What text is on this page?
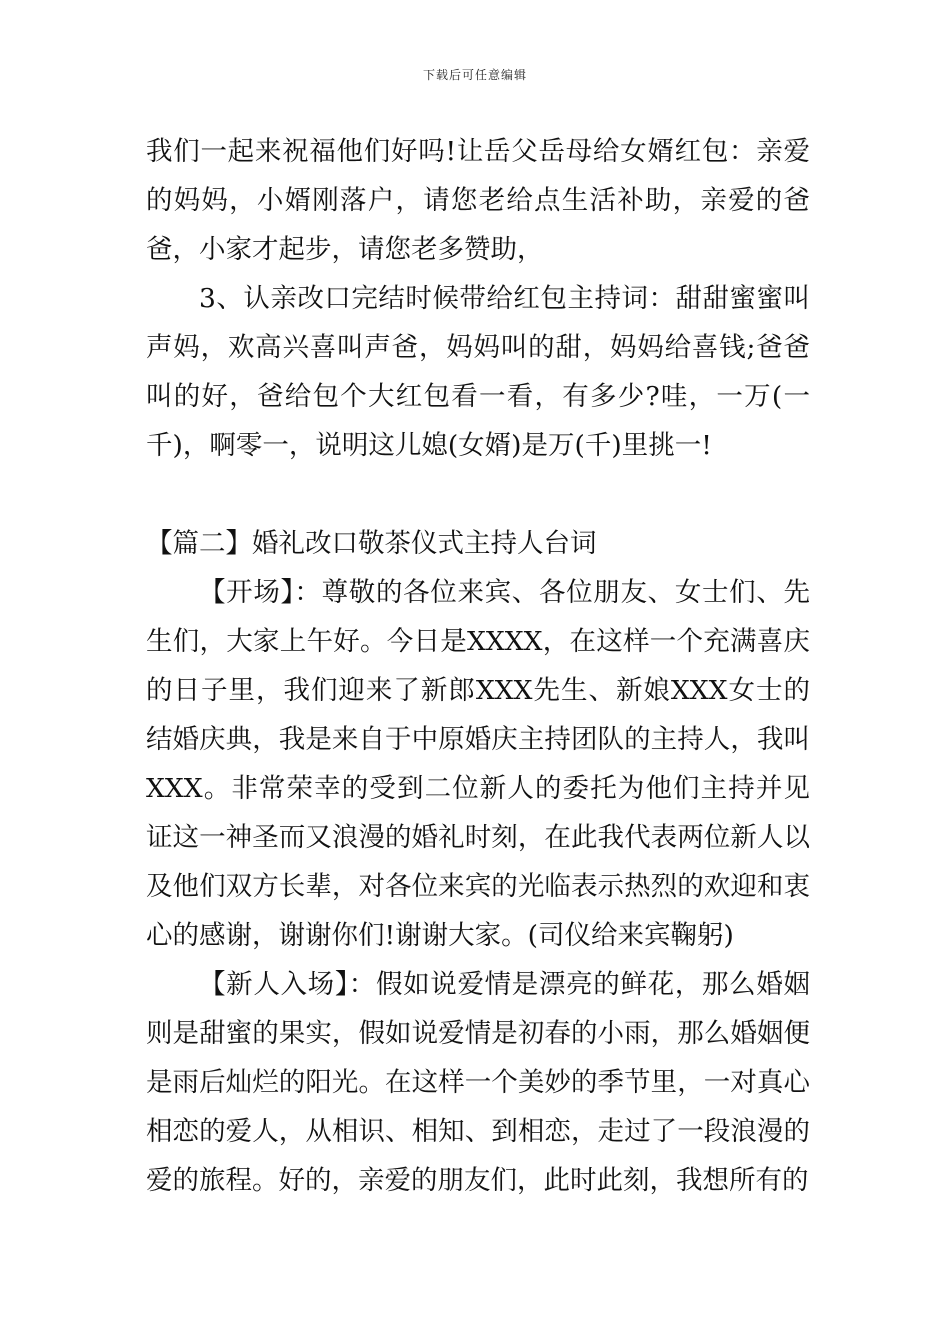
下载后可任意编辑

我们一起来祝福他们好吗!让岳父岳母给女婿红包：亲爱的妈妈，小婿刚落户，请您老给点生活补助，亲爱的爸爸，小家才起步，请您老多赞助，

3、认亲改口完结时候带给红包主持词：甜甜蜜蜜叫声妈，欢高兴喜叫声爸，妈妈叫的甜，妈妈给喜钱;爸爸叫的好，爸给包个大红包看一看，有多少?哇，一万(一千)，啊零一，说明这儿媳(女婿)是万(千)里挑一!

【篇二】婚礼改口敬茶仪式主持人台词

【开场】：尊敬的各位来宾、各位朋友、女士们、先生们，大家上午好。今日是XXXX，在这样一个充满喜庆的日子里，我们迎来了新郎XXX先生、新娘XXX女士的结婚庆典，我是来自于中原婚庆主持团队的主持人，我叫XXX。非常荣幸的受到二位新人的委托为他们主持并见证这一神圣而又浪漫的婚礼时刻，在此我代表两位新人以及他们双方长辈，对各位来宾的光临表示热烈的欢迎和衷心的感谢，谢谢你们!谢谢大家。(司仪给来宾鞠躬)

【新人入场】：假如说爱情是漂亮的鲜花，那么婚姻则是甜蜜的果实，假如说爱情是初春的小雨，那么婚姻便是雨后灿烂的阳光。在这样一个美妙的季节里，一对真心相恋的爱人，从相识、相知、到相恋，走过了一段浪漫的爱的旅程。好的，亲爱的朋友们，此时此刻，我想所有的
